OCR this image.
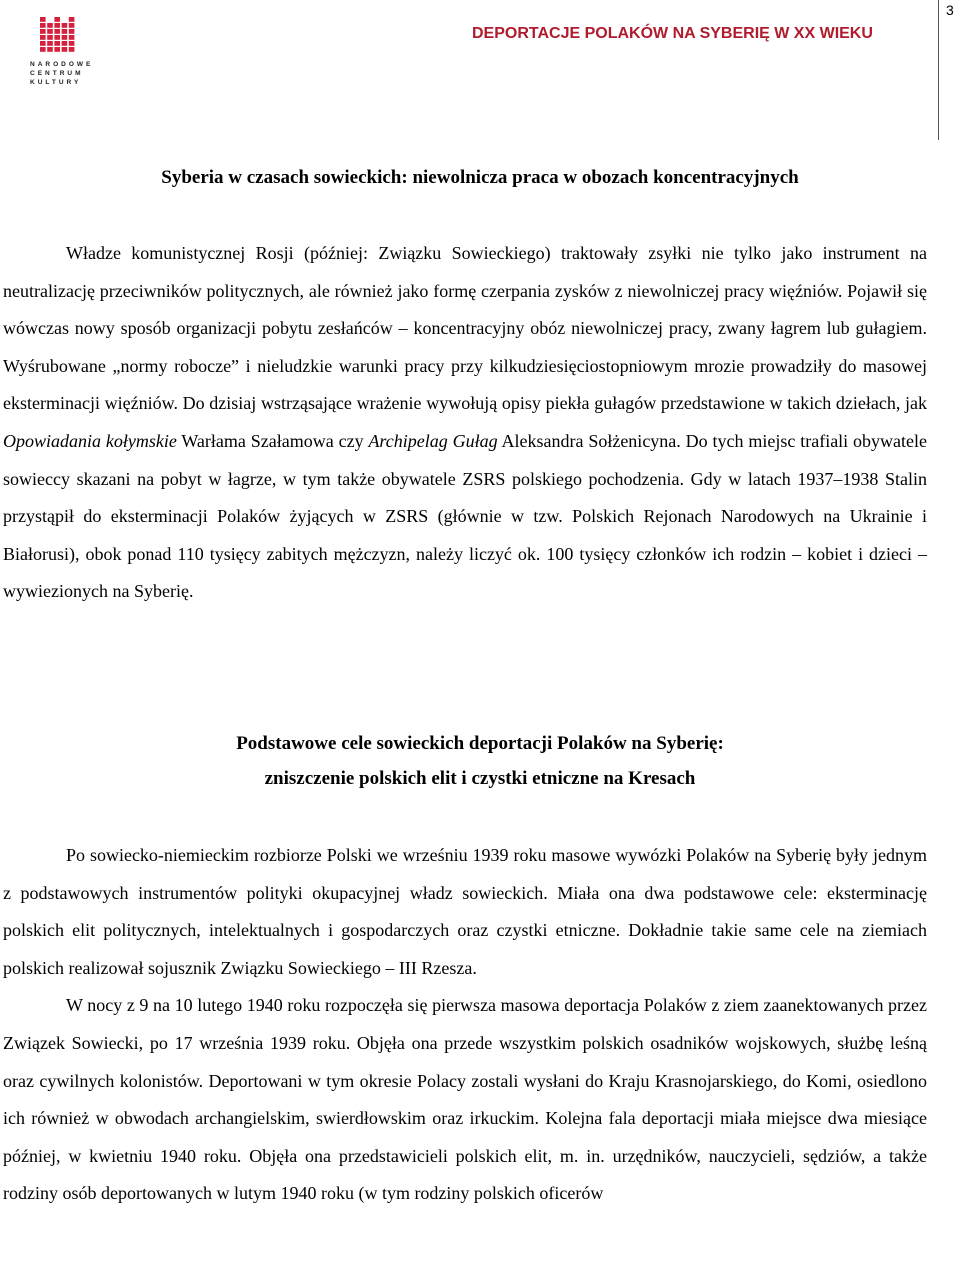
NARODOWE
CENTRUM
KULTURY
DEPORTACJE POLAKÓW NA SYBERIĘ W XX WIEKU
3
Syberia w czasach sowieckich: niewolnicza praca w obozach koncentracyjnych

Władze komunistycznej Rosji (później: Związku Sowieckiego) traktowały zsyłki nie tylko jako instrument na neutralizację przeciwników politycznych, ale również jako formę czerpania zysków z niewolniczej pracy więźniów. Pojawił się wówczas nowy sposób organizacji pobytu zesłańców – koncentracyjny obóz niewolniczej pracy, zwany łagrem lub gułagiem. Wyśrubowane „normy robocze” i nieludzkie warunki pracy przy kilkudziesięciostopniowym mrozie prowadziły do masowej eksterminacji więźniów. Do dzisiaj wstrząsające wrażenie wywołują opisy piekła gułagów przedstawione w takich dziełach, jak Opowiadania kołymskie Warłama Szałamowa czy Archipelag Gułag Aleksandra Sołżenicyna. Do tych miejsc trafiali obywatele sowieccy skazani na pobyt w łagrze, w tym także obywatele ZSRS polskiego pochodzenia. Gdy w latach 1937–1938 Stalin przystąpił do eksterminacji Polaków żyjących w ZSRS (głównie w tzw. Polskich Rejonach Narodowych na Ukrainie i Białorusi), obok ponad 110 tysięcy zabitych mężczyzn, należy liczyć ok. 100 tysięcy członków ich rodzin – kobiet i dzieci – wywiezionych na Syberię.

Podstawowe cele sowieckich deportacji Polaków na Syberię:
zniszczenie polskich elit i czystki etniczne na Kresach

Po sowiecko-niemieckim rozbiorze Polski we wrześniu 1939 roku masowe wywózki Polaków na Syberię były jednym z podstawowych instrumentów polityki okupacyjnej władz sowieckich. Miała ona dwa podstawowe cele: eksterminację polskich elit politycznych, intelektualnych i gospodarczych oraz czystki etniczne. Dokładnie takie same cele na ziemiach polskich realizował sojusznik Związku Sowieckiego – III Rzesza.

W nocy z 9 na 10 lutego 1940 roku rozpoczęła się pierwsza masowa deportacja Polaków z ziem zaanektowanych przez Związek Sowiecki, po 17 września 1939 roku. Objęła ona przede wszystkim polskich osadników wojskowych, służbę leśną oraz cywilnych kolonistów. Deportowani w tym okresie Polacy zostali wysłani do Kraju Krasnojarskiego, do Komi, osiedlono ich również w obwodach archangielskim, swierdłowskim oraz irkuckim. Kolejna fala deportacji miała miejsce dwa miesiące później, w kwietniu 1940 roku. Objęła ona przedstawicieli polskich elit, m. in. urzędników, nauczycieli, sędziów, a także rodziny osób deportowanych w lutym 1940 roku (w tym rodziny polskich oficerów
